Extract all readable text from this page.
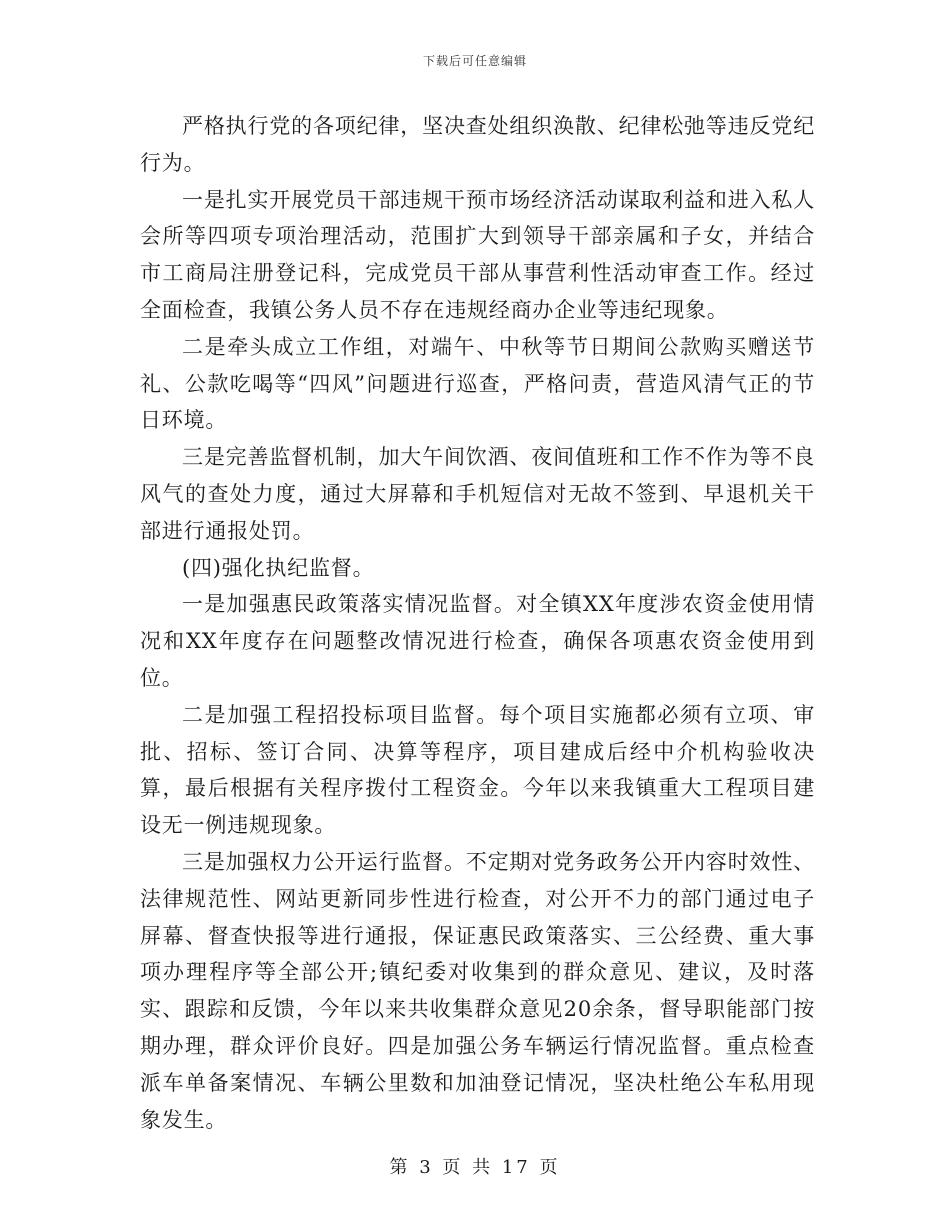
下载后可任意编辑

严格执行党的各项纪律，坚决查处组织涣散、纪律松弛等违反党纪行为。

一是扎实开展党员干部违规干预市场经济活动谋取利益和进入私人会所等四项专项治理活动，范围扩大到领导干部亲属和子女，并结合市工商局注册登记科，完成党员干部从事营利性活动审查工作。经过全面检查，我镇公务人员不存在违规经商办企业等违纪现象。

二是牵头成立工作组，对端午、中秋等节日期间公款购买赠送节礼、公款吃喝等“四风”问题进行巡查，严格问责，营造风清气正的节日环境。

三是完善监督机制，加大午间饮酒、夜间值班和工作不作为等不良风气的查处力度，通过大屏幕和手机短信对无故不签到、早退机关干部进行通报处罚。

(四)强化执纪监督。

一是加强惠民政策落实情况监督。对全镇XX年度涉农资金使用情况和XX年度存在问题整改情况进行检查，确保各项惠农资金使用到位。

二是加强工程招投标项目监督。每个项目实施都必须有立项、审批、招标、签订合同、决算等程序，项目建成后经中介机构验收决算，最后根据有关程序拨付工程资金。今年以来我镇重大工程项目建设无一例违规现象。

三是加强权力公开运行监督。不定期对党务政务公开内容时效性、法律规范性、网站更新同步性进行检查，对公开不力的部门通过电子屏幕、督查快报等进行通报，保证惠民政策落实、三公经费、重大事项办理程序等全部公开;镇纪委对收集到的群众意见、建议，及时落实、跟踪和反馈，今年以来共收集群众意见20余条，督导职能部门按期办理，群众评价良好。四是加强公务车辆运行情况监督。重点检查派车单备案情况、车辆公里数和加油登记情况，坚决杜绝公车私用现象发生。

第 3 页 共 17 页
